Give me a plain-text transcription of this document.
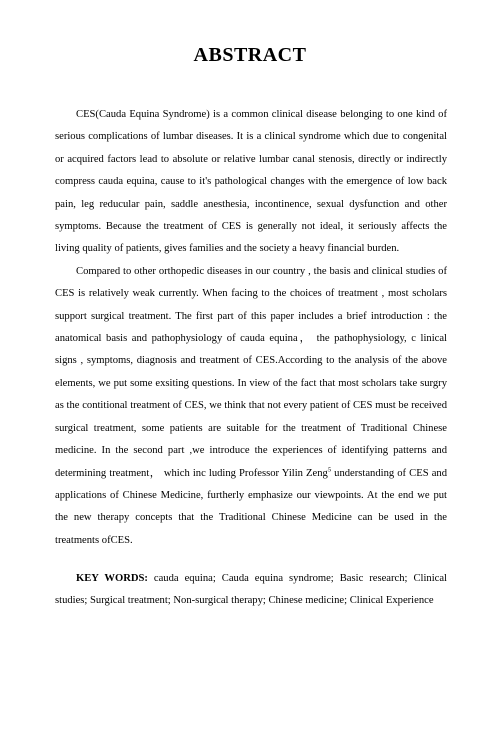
ABSTRACT

CES(Cauda Equina Syndrome) is a common clinical disease belonging to one kind of serious complications of lumbar diseases. It is a clinical syndrome which due to congenital or acquired factors lead to absolute or relative lumbar canal stenosis, directly or indirectly compress cauda equina, cause to it's pathological changes with the emergence of low back pain, leg reducular pain, saddle anesthesia, incontinence, sexual dysfunction and other symptoms. Because the treatment of CES is generally not ideal, it seriously affects the living quality of patients, gives families and the society a heavy financial burden.

Compared to other orthopedic diseases in our country , the basis and clinical studies of CES is relatively weak currently. When facing to the choices of treatment , most scholars support surgical treatment. The first part of this paper includes a brief introduction : the anatomical basis and pathophysiology of cauda equina， the pathophysiology, c linical signs , symptoms, diagnosis and treatment of CES.According to the analysis of the above elements, we put some exsiting questions. In view of the fact that most scholars take surgry as the contitional treatment of CES, we think that not every patient of CES must be received surgical treatment, some patients are suitable for the treatment of Traditional Chinese medicine. In the second part ,we introduce the experiences of identifying patterns and determining treatment， which inc luding Professor Yilin Zeng$^5$ understanding of CES and applications of Chinese Medicine, furtherly emphasize our viewpoints. At the end we put the new therapy concepts that the Traditional Chinese Medicine can be used in the treatments ofCES.

KEY WORDS: cauda equina; Cauda equina syndrome; Basic research; Clinical studies; Surgical treatment; Non-surgical therapy; Chinese medicine; Clinical Experience
